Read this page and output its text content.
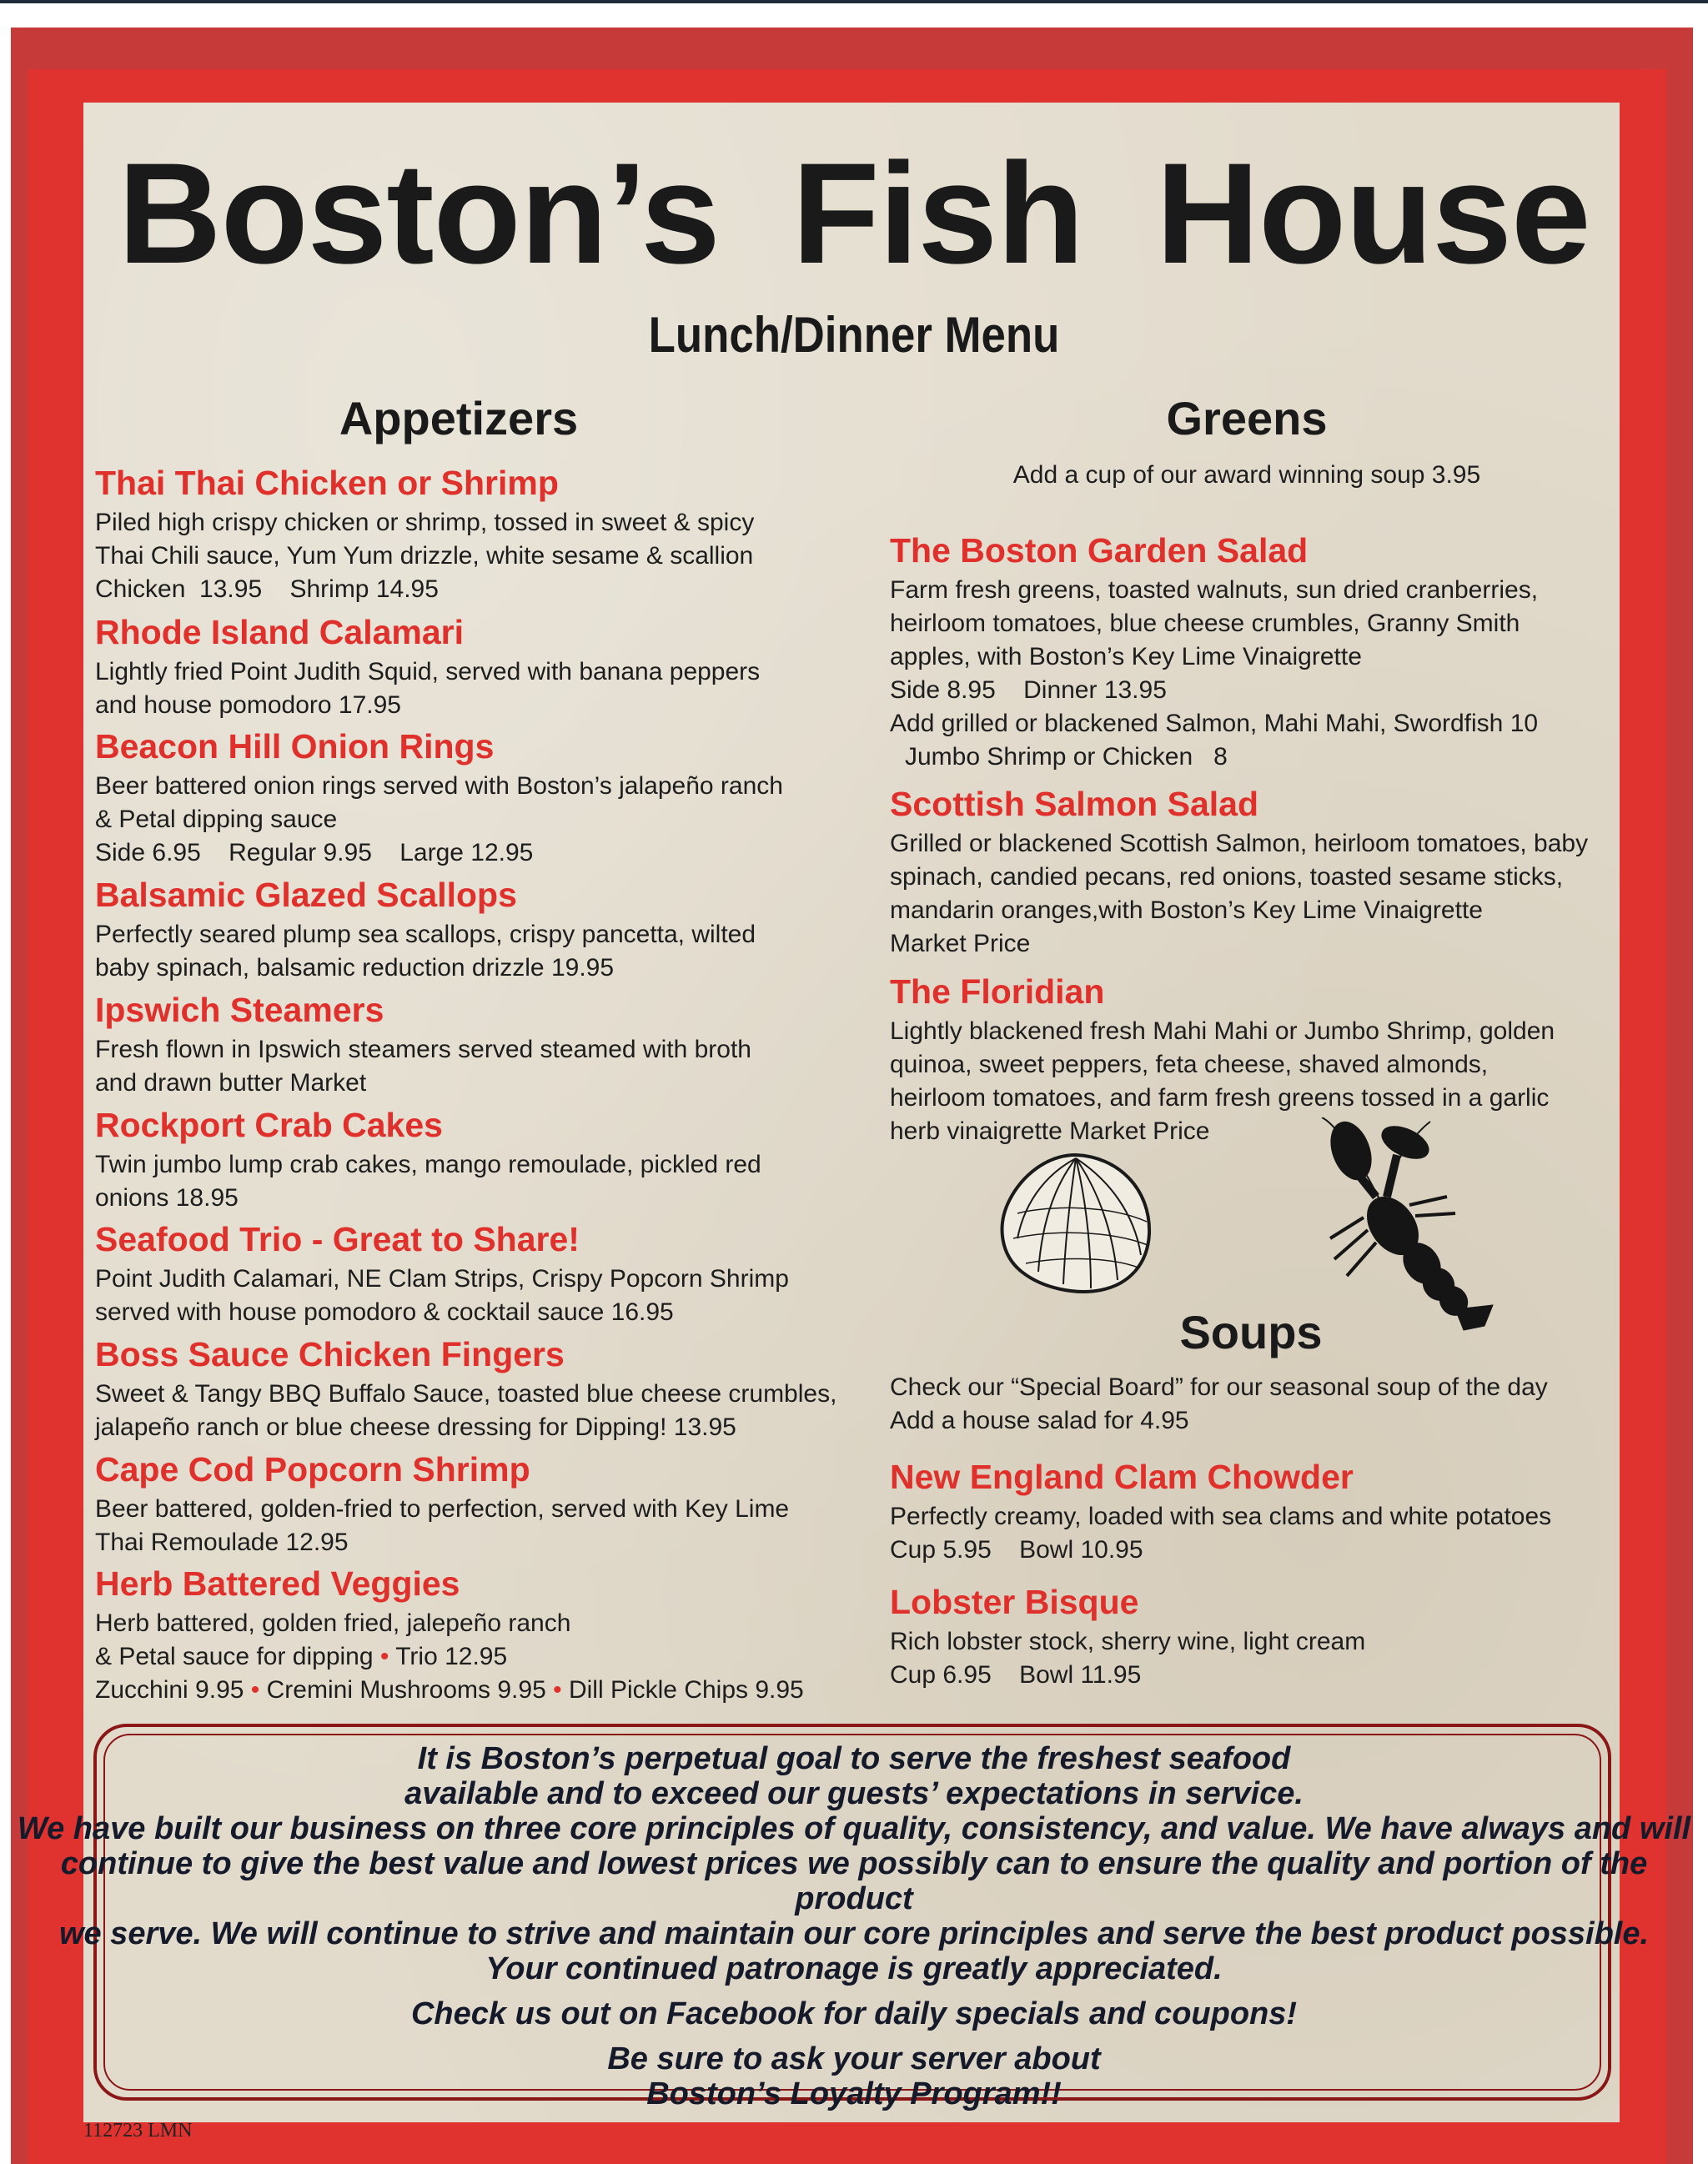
Boston’s Fish House
Lunch/Dinner Menu
Appetizers
Thai Thai Chicken or Shrimp
Piled high crispy chicken or shrimp, tossed in sweet & spicy
Thai Chili sauce, Yum Yum drizzle, white sesame & scallion
Chicken  13.95    Shrimp 14.95
Rhode Island Calamari
Lightly fried Point Judith Squid, served with banana peppers
and house pomodoro 17.95
Beacon Hill Onion Rings
Beer battered onion rings served with Boston’s jalapeño ranch
& Petal dipping sauce
Side 6.95    Regular 9.95    Large 12.95
Balsamic Glazed Scallops
Perfectly seared plump sea scallops, crispy pancetta, wilted
baby spinach, balsamic reduction drizzle 19.95
Ipswich Steamers
Fresh flown in Ipswich steamers served steamed with broth
and drawn butter Market
Rockport Crab Cakes
Twin jumbo lump crab cakes, mango remoulade, pickled red
onions 18.95
Seafood Trio - Great to Share!
Point Judith Calamari, NE Clam Strips, Crispy Popcorn Shrimp
served with house pomodoro & cocktail sauce 16.95
Boss Sauce Chicken Fingers
Sweet & Tangy BBQ Buffalo Sauce, toasted blue cheese crumbles,
jalapeño ranch or blue cheese dressing for Dipping! 13.95
Cape Cod Popcorn Shrimp
Beer battered, golden-fried to perfection, served with Key Lime
Thai Remoulade 12.95
Herb Battered Veggies
Herb battered, golden fried, jalepeño ranch
& Petal sauce for dipping • Trio 12.95
Zucchini 9.95 • Cremini Mushrooms 9.95 • Dill Pickle Chips 9.95
Greens
Add a cup of our award winning soup 3.95
The Boston Garden Salad
Farm fresh greens, toasted walnuts, sun dried cranberries,
heirloom tomatoes, blue cheese crumbles, Granny Smith
apples, with Boston’s Key Lime Vinaigrette
Side 8.95    Dinner 13.95
Add grilled or blackened Salmon, Mahi Mahi, Swordfish 10
Jumbo Shrimp or Chicken   8
Scottish Salmon Salad
Grilled or blackened Scottish Salmon, heirloom tomatoes, baby
spinach, candied pecans, red onions, toasted sesame sticks,
mandarin oranges,with Boston’s Key Lime Vinaigrette
Market Price
The Floridian
Lightly blackened fresh Mahi Mahi or Jumbo Shrimp, golden
quinoa, sweet peppers, feta cheese, shaved almonds,
heirloom tomatoes, and farm fresh greens tossed in a garlic
herb vinaigrette Market Price
Soups
Check our “Special Board” for our seasonal soup of the day
Add a house salad for 4.95
New England Clam Chowder
Perfectly creamy, loaded with sea clams and white potatoes
Cup 5.95    Bowl 10.95
Lobster Bisque
Rich lobster stock, sherry wine, light cream
Cup 6.95    Bowl 11.95
It is Boston’s perpetual goal to serve the freshest seafood
available and to exceed our guests’ expectations in service.
We have built our business on three core principles of quality, consistency, and value. We have always and will
continue to give the best value and lowest prices we possibly can to ensure the quality and portion of the product
we serve. We will continue to strive and maintain our core principles and serve the best product possible.
Your continued patronage is greatly appreciated.
Check us out on Facebook for daily specials and coupons!
Be sure to ask your server about
Boston’s Loyalty Program!!
112723 LMN
